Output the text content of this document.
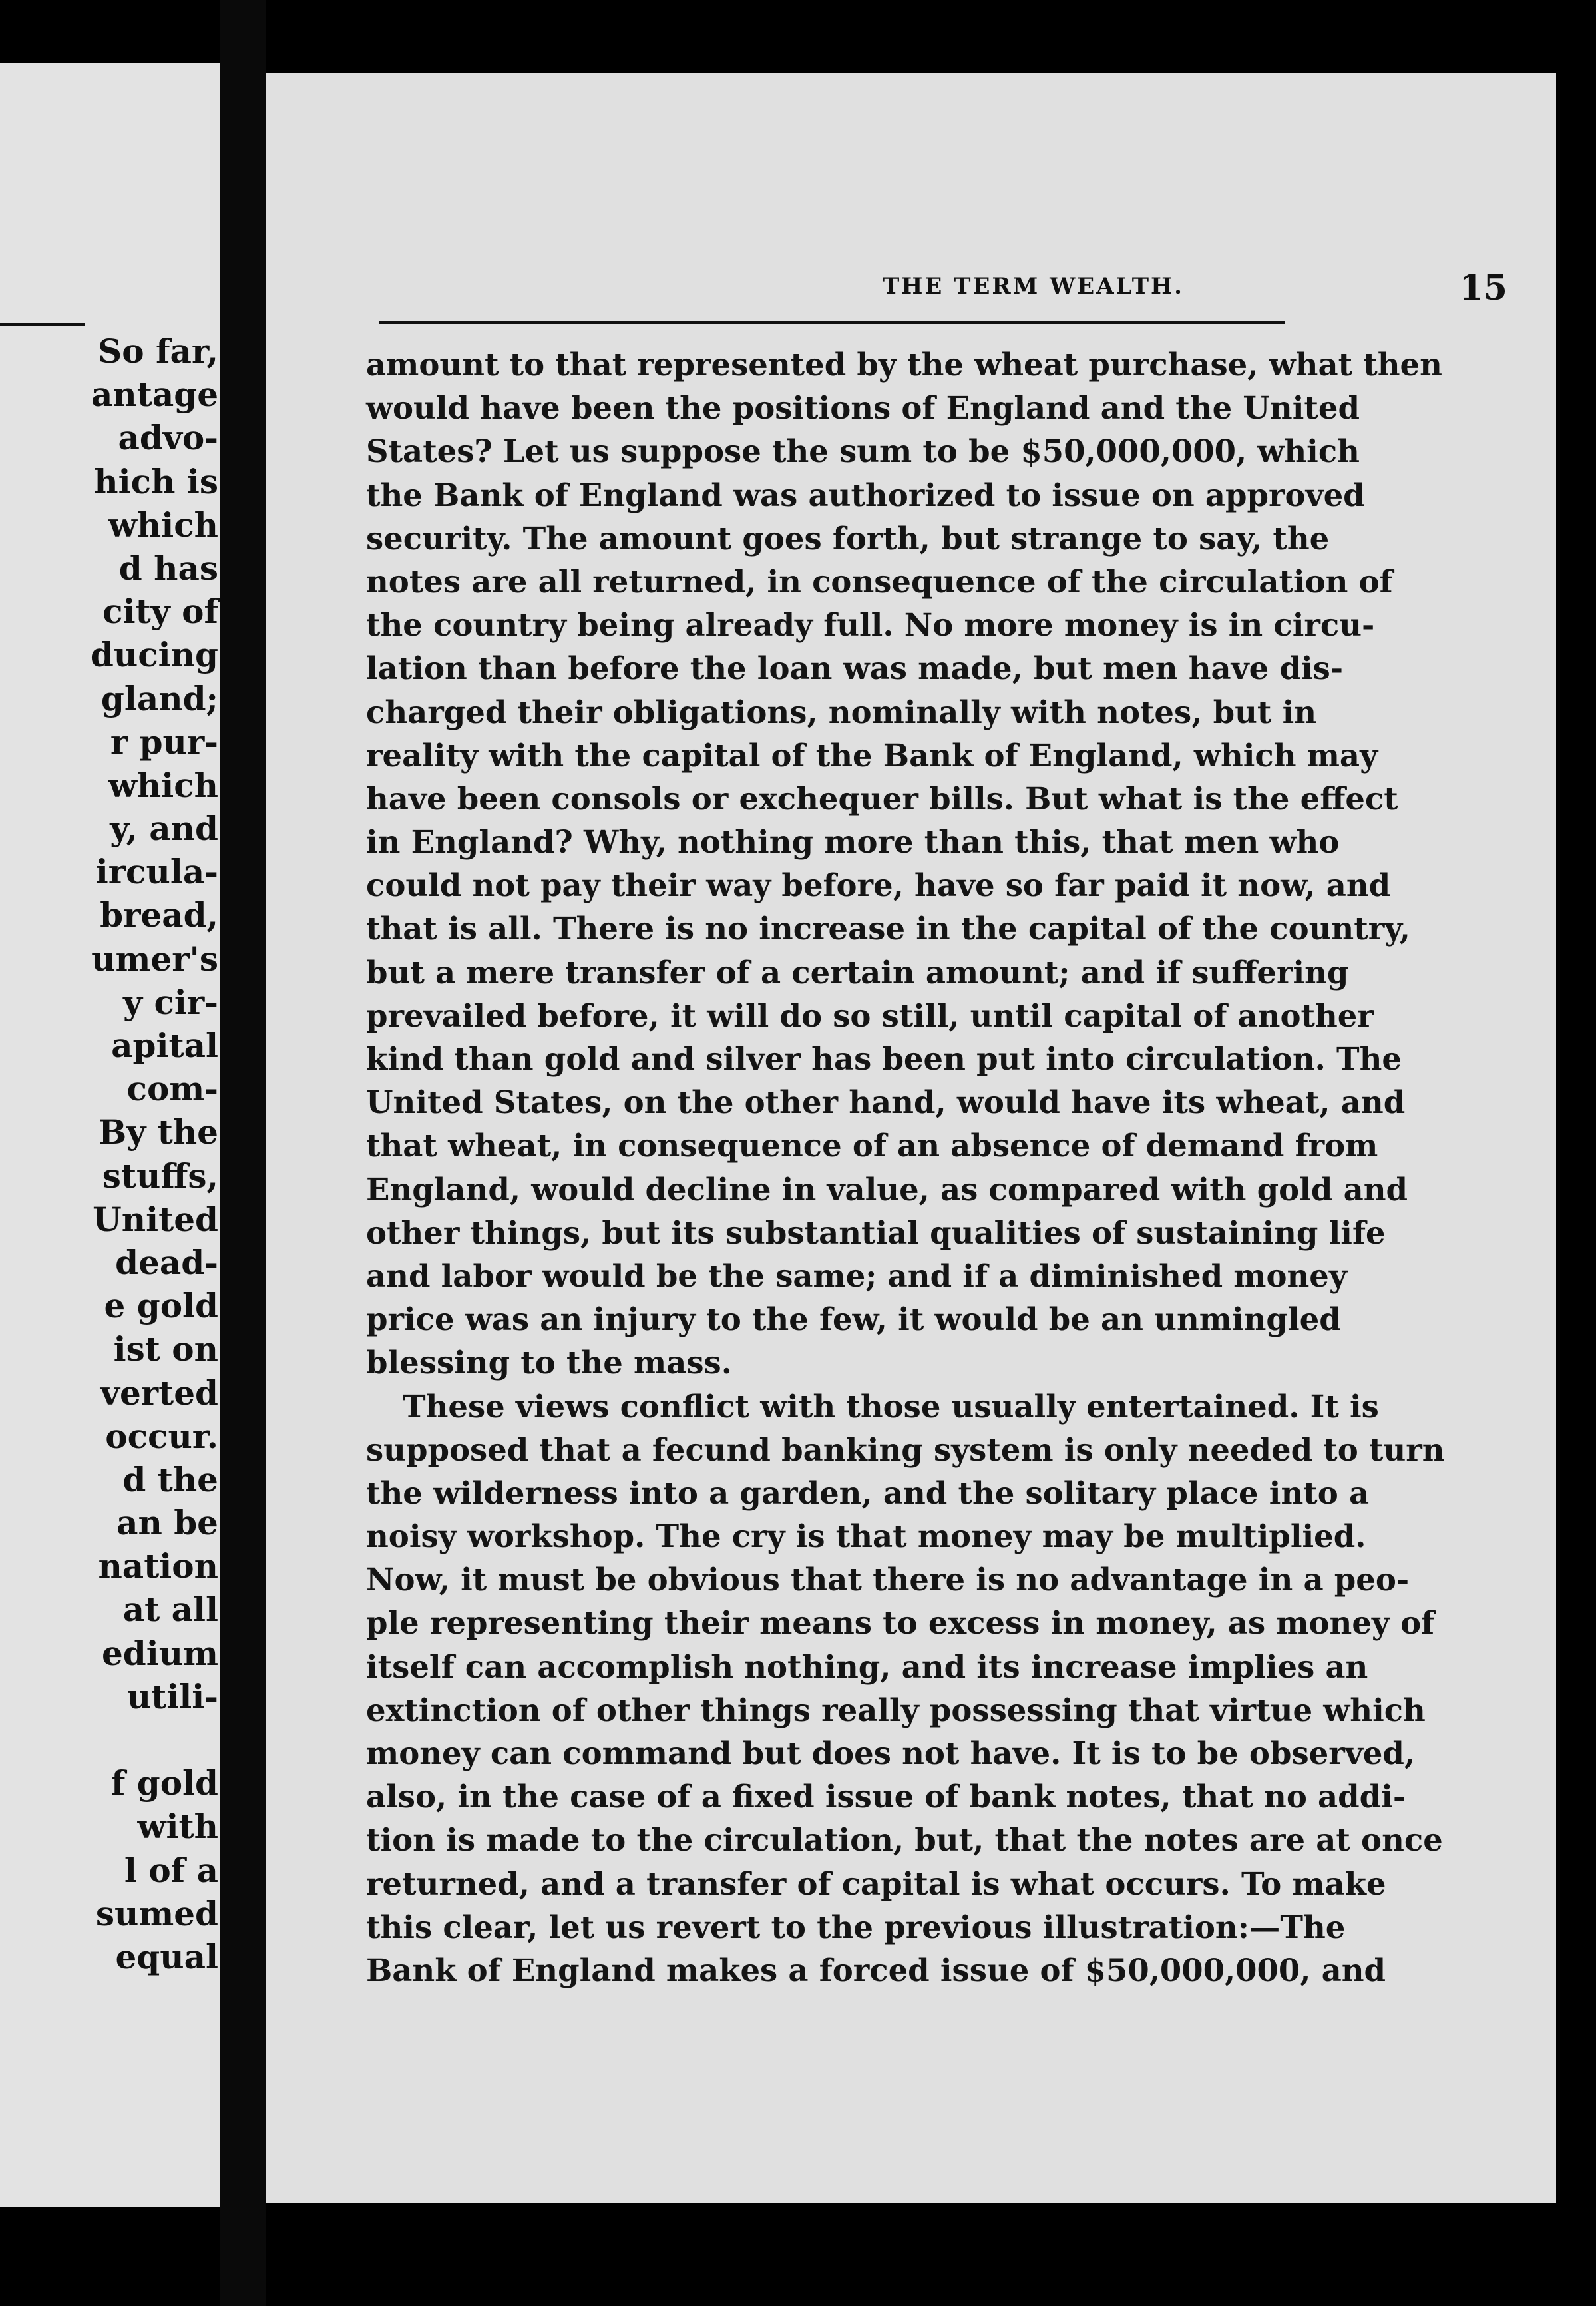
So far,
antage
advo-
hich is
which
d has
city of
ducing
gland;
r pur-
which
y, and
ircula-
bread,
umer's
y cir-
apital
com-
By the
stuffs,
United
dead-
e gold
ist on
verted
occur.
d the
an be
nation
at all
edium
utili-
f gold
with
l of a
sumed
equal
THE TERM WEALTH.	15
amount to that represented by the wheat purchase, what then
would have been the positions of England and the United
States? Let us suppose the sum to be $50,000,000, which
the Bank of England was authorized to issue on approved
security. The amount goes forth, but strange to say, the
notes are all returned, in consequence of the circulation of
the country being already full. No more money is in circu-
lation than before the loan was made, but men have dis-
charged their obligations, nominally with notes, but in
reality with the capital of the Bank of England, which may
have been consols or exchequer bills. But what is the effect
in England? Why, nothing more than this, that men who
could not pay their way before, have so far paid it now, and
that is all. There is no increase in the capital of the country,
but a mere transfer of a certain amount; and if suffering
prevailed before, it will do so still, until capital of another
kind than gold and silver has been put into circulation. The
United States, on the other hand, would have its wheat, and
that wheat, in consequence of an absence of demand from
England, would decline in value, as compared with gold and
other things, but its substantial qualities of sustaining life
and labor would be the same; and if a diminished money
price was an injury to the few, it would be an unmingled
blessing to the mass.
These views conflict with those usually entertained. It is
supposed that a fecund banking system is only needed to turn
the wilderness into a garden, and the solitary place into a
noisy workshop. The cry is that money may be multiplied.
Now, it must be obvious that there is no advantage in a peo-
ple representing their means to excess in money, as money of
itself can accomplish nothing, and its increase implies an
extinction of other things really possessing that virtue which
money can command but does not have. It is to be observed,
also, in the case of a fixed issue of bank notes, that no addi-
tion is made to the circulation, but, that the notes are at once
returned, and a transfer of capital is what occurs. To make
this clear, let us revert to the previous illustration:—The
Bank of England makes a forced issue of $50,000,000, and
